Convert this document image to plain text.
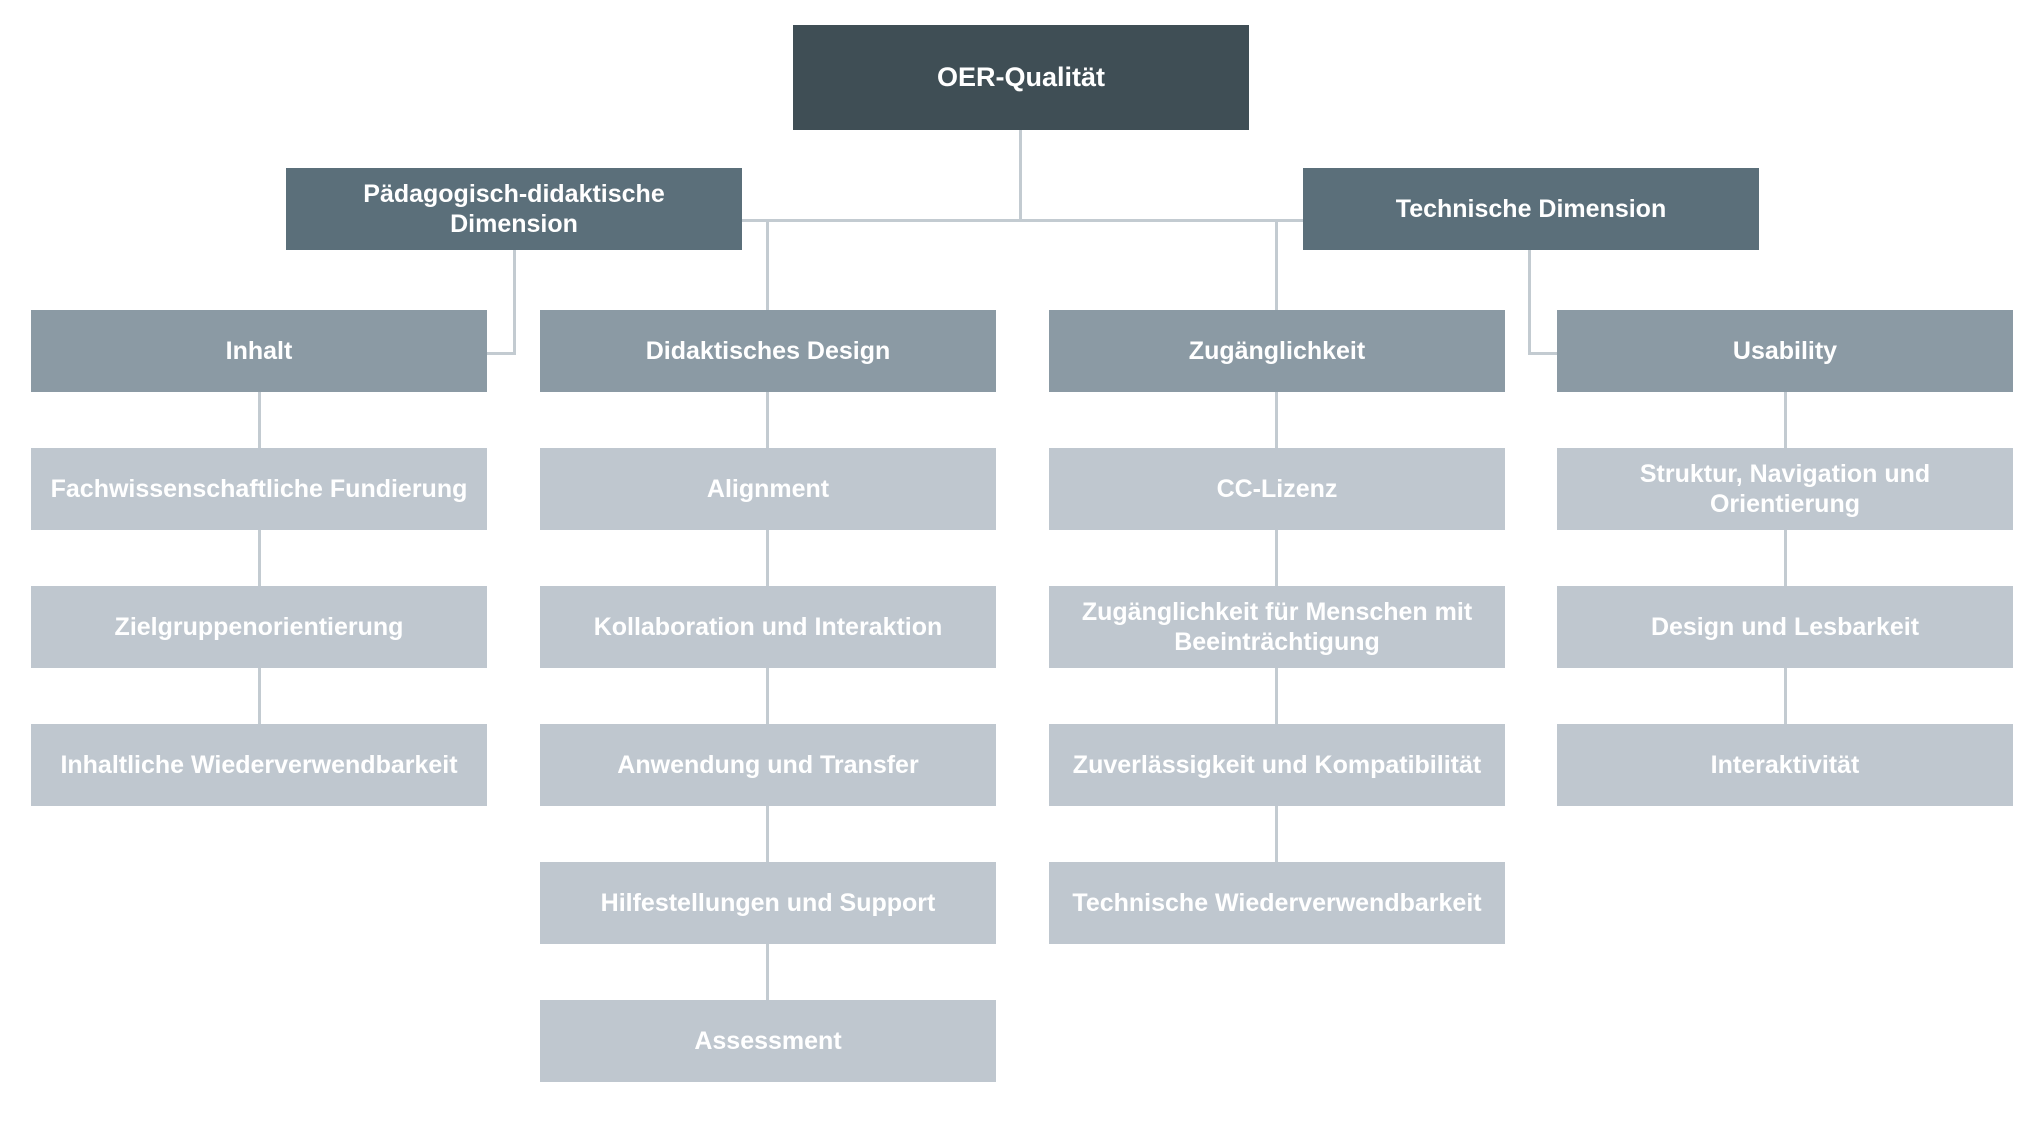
OER-Qualität
Pädagogisch-didaktische Dimension
Inhalt
Fachwissenschaftliche Fundierung
Zielgruppenorientierung
Inhaltliche Wiederverwendbarkeit
Didaktisches Design
Alignment
Kollaboration und Interaktion
Anwendung und Transfer
Hilfestellungen und Support
Assessment
Technische Dimension
Zugänglichkeit
CC-Lizenz
Zugänglichkeit für Menschen mit Beeinträchtigung
Zuverlässigkeit und Kompatibilität
Technische Wiederverwendbarkeit
Usability
Struktur, Navigation und Orientierung
Design und Lesbarkeit
Interaktivität
